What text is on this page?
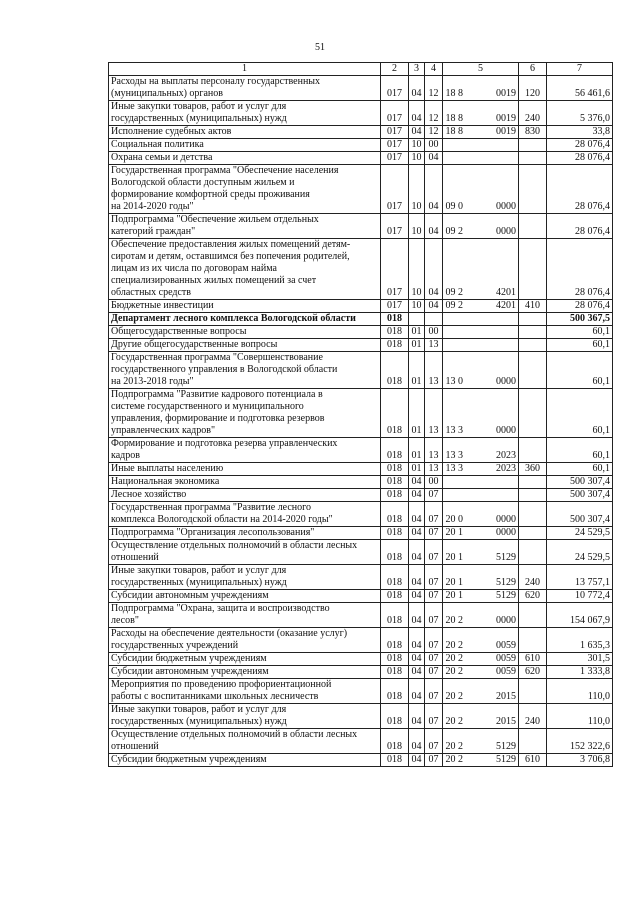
51
1	2	3	4	5	6	7
Расходы на выплаты персоналу государственных
(муниципальных) органов	017	04	12	18 8 0019	120	56 461,6
Иные закупки товаров, работ и услуг для
государственных (муниципальных) нужд	017	04	12	18 8 0019	240	5 376,0
Исполнение судебных актов	017	04	12	18 8 0019	830	33,8
Социальная политика	017	10	00			28 076,4
Охрана семьи и детства	017	10	04			28 076,4
Государственная программа "Обеспечение населения
Вологодской области доступным жильем и
формирование комфортной среды проживания
на 2014-2020 годы"	017	10	04	09 0 0000		28 076,4
Подпрограмма "Обеспечение жильем отдельных
категорий граждан"	017	10	04	09 2 0000		28 076,4
Обеспечение предоставления жилых помещений детям-
сиротам и детям, оставшимся без попечения родителей,
лицам из их числа по договорам найма
специализированных жилых помещений за счет
областных средств	017	10	04	09 2 4201		28 076,4
Бюджетные инвестиции	017	10	04	09 2 4201	410	28 076,4
Департамент лесного комплекса Вологодской области	018					500 367,5
Общегосударственные вопросы	018	01	00			60,1
Другие общегосударственные вопросы	018	01	13			60,1
Государственная программа "Совершенствование
государственного управления в Вологодской области
на 2013-2018 годы"	018	01	13	13 0 0000		60,1
Подпрограмма "Развитие кадрового потенциала в
системе государственного и муниципального
управления, формирование и подготовка резервов
управленческих кадров"	018	01	13	13 3 0000		60,1
Формирование и подготовка резерва управленческих
кадров	018	01	13	13 3 2023		60,1
Иные выплаты населению	018	01	13	13 3 2023	360	60,1
Национальная экономика	018	04	00			500 307,4
Лесное хозяйство	018	04	07			500 307,4
Государственная программа "Развитие лесного
комплекса Вологодской области на 2014-2020 годы"	018	04	07	20 0 0000		500 307,4
Подпрограмма "Организация лесопользования"	018	04	07	20 1 0000		24 529,5
Осуществление отдельных полномочий в области лесных
отношений	018	04	07	20 1 5129		24 529,5
Иные закупки товаров, работ и услуг для
государственных (муниципальных) нужд	018	04	07	20 1 5129	240	13 757,1
Субсидии автономным учреждениям	018	04	07	20 1 5129	620	10 772,4
Подпрограмма "Охрана, защита и воспроизводство
лесов"	018	04	07	20 2 0000		154 067,9
Расходы на обеспечение деятельности (оказание услуг)
государственных учреждений	018	04	07	20 2 0059		1 635,3
Субсидии бюджетным учреждениям	018	04	07	20 2 0059	610	301,5
Субсидии автономным учреждениям	018	04	07	20 2 0059	620	1 333,8
Мероприятия по проведению профориентационной
работы с воспитанниками школьных лесничеств	018	04	07	20 2 2015		110,0
Иные закупки товаров, работ и услуг для
государственных (муниципальных) нужд	018	04	07	20 2 2015	240	110,0
Осуществление отдельных полномочий в области лесных
отношений	018	04	07	20 2 5129		152 322,6
Субсидии бюджетным учреждениям	018	04	07	20 2 5129	610	3 706,8
